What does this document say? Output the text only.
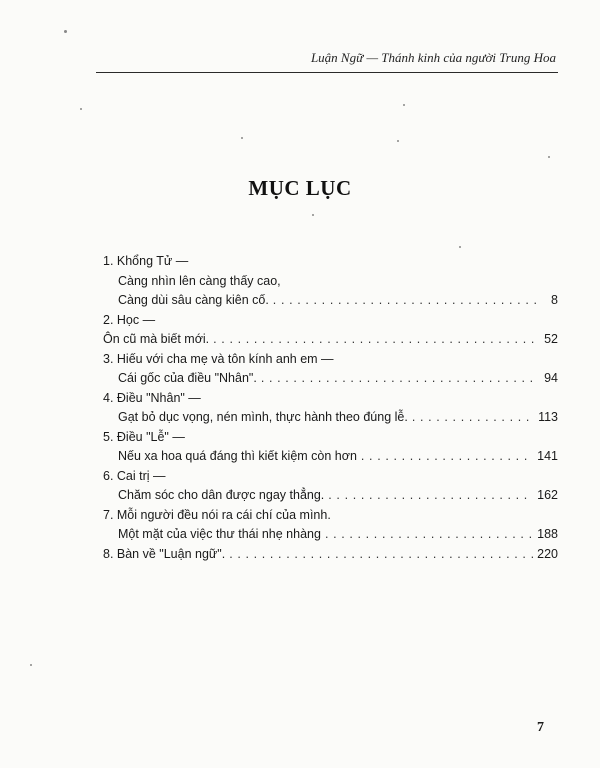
Luận Ngữ — Thánh kinh của người Trung Hoa
MỤC LỤC
1. Khổng Tử —
Càng nhìn lên càng thấy cao,
Càng dùi sâu càng kiên cố. . . .	8
2. Học —
Ôn cũ mà biết mới. . . .	52
3. Hiếu với cha mẹ và tôn kính anh em —
Cái gốc của điều "Nhân". . . .	94
4. Điều "Nhân" —
Gạt bỏ dục vọng, nén mình, thực hành theo đúng lễ. . . .	113
5. Điều "Lễ" —
Nếu xa hoa quá đáng thì kiết kiệm còn hơn . . .	141
6. Cai trị —
Chăm sóc cho dân được ngay thẳng. . . .	162
7. Mỗi người đều nói ra cái chí của mình.
Một mặt của việc thư thái nhẹ nhàng . . .	188
8. Bàn về "Luận ngữ". . . .	220
7
